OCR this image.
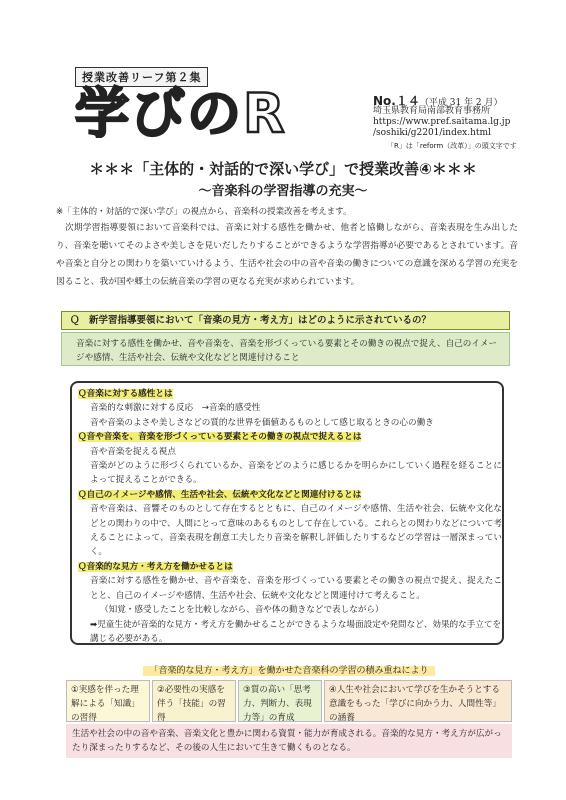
授業改善リーフ第２集
学びのR	No.１４（平成 31 年 2 月）
埼玉県教育局南部教育事務所
https://www.pref.saitama.lg.jp
/soshiki/g2201/index.html
「R」は「reform（改革）」の頭文字です
＊＊＊「主体的・対話的で深い学び」で授業改善④＊＊＊
～音楽科の学習指導の充実～
※「主体的・対話的で深い学び」の視点から、音楽科の授業改善を考えます。
次期学習指導要領において音楽科では、音楽に対する感性を働かせ、他者と協働しながら、音楽表現を生み出したり、音楽を聴いてそのよさや美しさを見いだしたりすることができるような学習指導が必要であるとされています。音や音楽と自分との関わりを築いていけるよう、生活や社会の中の音や音楽の働きについての意識を深める学習の充実を図ること、我が国や郷土の伝統音楽の学習の更なる充実が求められています。
Ｑ　新学習指導要領において「音楽の見方・考え方」はどのように示されているの？
音楽に対する感性を働かせ、音や音楽を、音楽を形づくっている要素とその働きの視点で捉え、自己のイメージや感情、生活や社会、伝統や文化などと関連付けること
Ｑ音楽に対する感性とは
音楽的な刺激に対する反応　→音楽的感受性
音や音楽のよさや美しさなどの質的な世界を価値あるものとして感じ取るときの心の働き
Ｑ音や音楽を、音楽を形づくっている要素とその働きの視点で捉えるとは
音や音楽を捉える視点
音楽がどのように形づくられているか、音楽をどのように感じるかを明らかにしていく過程を経ることによって捉えることができる。
Ｑ自己のイメージや感情、生活や社会、伝統や文化などと関連付けるとは
音や音楽は、音響そのものとして存在するとともに、自己のイメージや感情、生活や社会、伝統や文化などとの関わりの中で、人間にとって意味のあるものとして存在している。これらとの関わりなどについて考えることによって、音楽表現を創意工夫したり音楽を解釈し評価したりするなどの学習は一層深まっていく。
Ｑ音楽的な見方・考え方を働かせるとは
音楽に対する感性を働かせ、音や音楽を、音楽を形づくっている要素とその働きの視点で捉え、捉えたことと、自己のイメージや感情、生活や社会、伝統や文化などと関連付けて考えること。
（知覚・感受したことを比較しながら、音や体の動きなどで表しながら）
➡児童生徒が音楽的な見方・考え方を働かせることができるような場面設定や発問など、効果的な手立てを講じる必要がある。
「音楽的な見方・考え方」を働かせた音楽科の学習の積み重ねにより
①実感を伴った理解による「知識」の習得
②必要性の実感を伴う「技能」の習得
③質の高い「思考力、判断力、表現力等」の育成
④人生や社会において学びを生かそうとする意識をもった「学びに向かう力、人間性等」の涵養
生活や社会の中の音や音楽、音楽文化と豊かに関わる資質・能力が育成される。音楽的な見方・考え方が広がったり深まったりするなど、その後の人生において生きて働くものとなる。
